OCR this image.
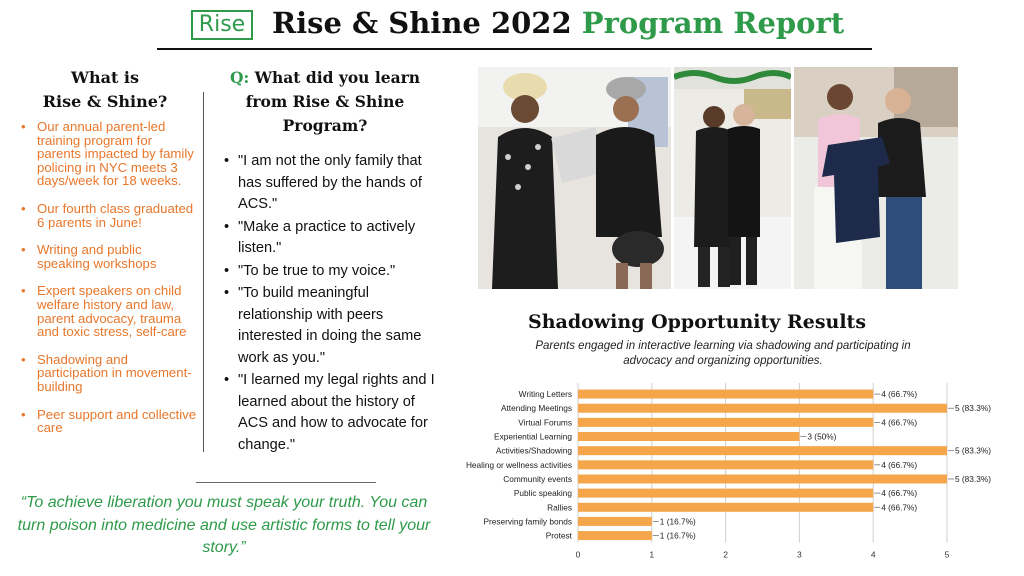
Rise Rise & Shine 2022 Program Report
What is
Rise & Shine?
• Our annual parent-led training program for parents impacted by family policing in NYC meets 3 days/week for 18 weeks.
• Our fourth class graduated 6 parents in June!
• Writing and public speaking workshops
• Expert speakers on child welfare history and law, parent advocacy, trauma and toxic stress, self-care
• Shadowing and participation in movement-building
• Peer support and collective care
“To achieve liberation you must speak your truth. You can turn poison into medicine and use artistic forms to tell your story.”
Q: What did you learn from Rise & Shine Program?
• "I am not the only family that has suffered by the hands of ACS."
• "Make a practice to actively listen."
• "To be true to my voice."
• "To build meaningful relationship with peers interested in doing the same work as you."
• "I learned my legal rights and I learned about the history of ACS and how to advocate for change."
Shadowing Opportunity Results
Parents engaged in interactive learning via shadowing and participating in advocacy and organizing opportunities.
0	1	2	3	4	5
Writing Letters	4 (66.7%)
Attending Meetings	5 (83.3%)
Virtual Forums	4 (66.7%)
Experiential Learning	3 (50%)
Activities/Shadowing	5 (83.3%)
Healing or wellness activities	4 (66.7%)
Community events	5 (83.3%)
Public speaking	4 (66.7%)
Rallies	4 (66.7%)
Preserving family bonds	1 (16.7%)
Protest	1 (16.7%)
